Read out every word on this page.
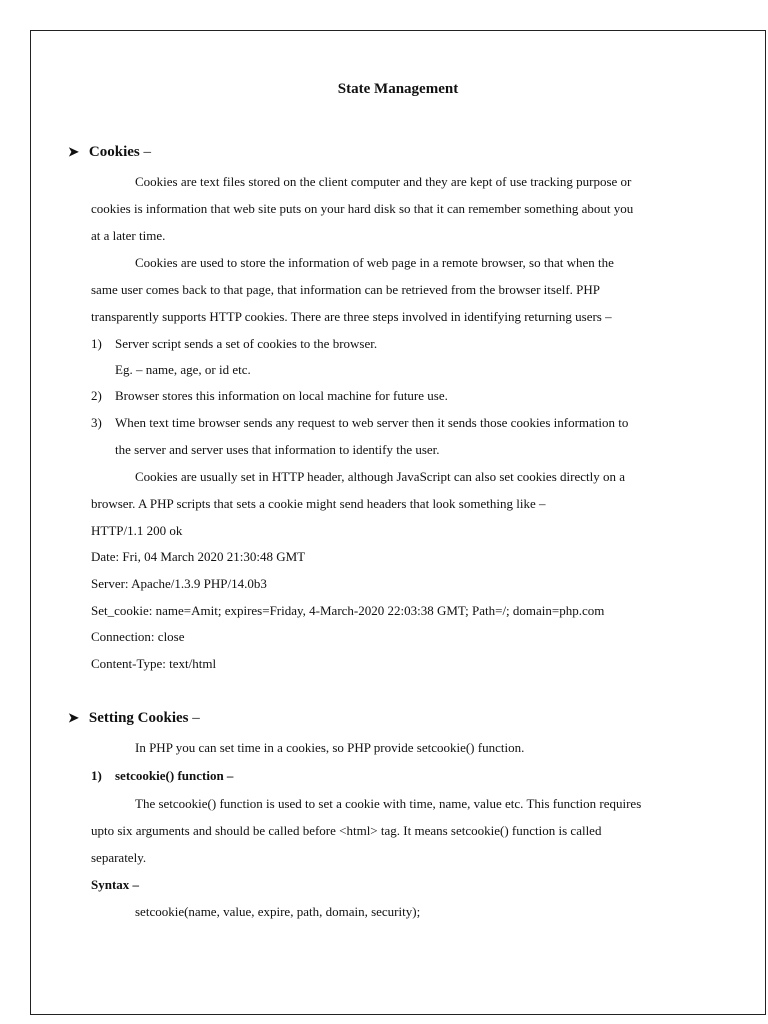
State Management
➤ Cookies –
Cookies are text files stored on the client computer and they are kept of use tracking purpose or
cookies is information that web site puts on your hard disk so that it can remember something about you
at a later time.
Cookies are used to store the information of web page in a remote browser, so that when the
same user comes back to that page, that information can be retrieved from the browser itself. PHP
transparently supports HTTP cookies. There are three steps involved in identifying returning users –
1) Server script sends a set of cookies to the browser.
Eg. – name, age, or id etc.
2) Browser stores this information on local machine for future use.
3) When text time browser sends any request to web server then it sends those cookies information to
the server and server uses that information to identify the user.
Cookies are usually set in HTTP header, although JavaScript can also set cookies directly on a
browser. A PHP scripts that sets a cookie might send headers that look something like –
HTTP/1.1 200 ok
Date: Fri, 04 March 2020 21:30:48 GMT
Server: Apache/1.3.9 PHP/14.0b3
Set_cookie: name=Amit; expires=Friday, 4-March-2020 22:03:38 GMT; Path=/; domain=php.com
Connection: close
Content-Type: text/html
➤ Setting Cookies –
In PHP you can set time in a cookies, so PHP provide setcookie() function.
1) setcookie() function –
The setcookie() function is used to set a cookie with time, name, value etc. This function requires
upto six arguments and should be called before <html> tag. It means setcookie() function is called
separately.
Syntax –
setcookie(name, value, expire, path, domain, security);
